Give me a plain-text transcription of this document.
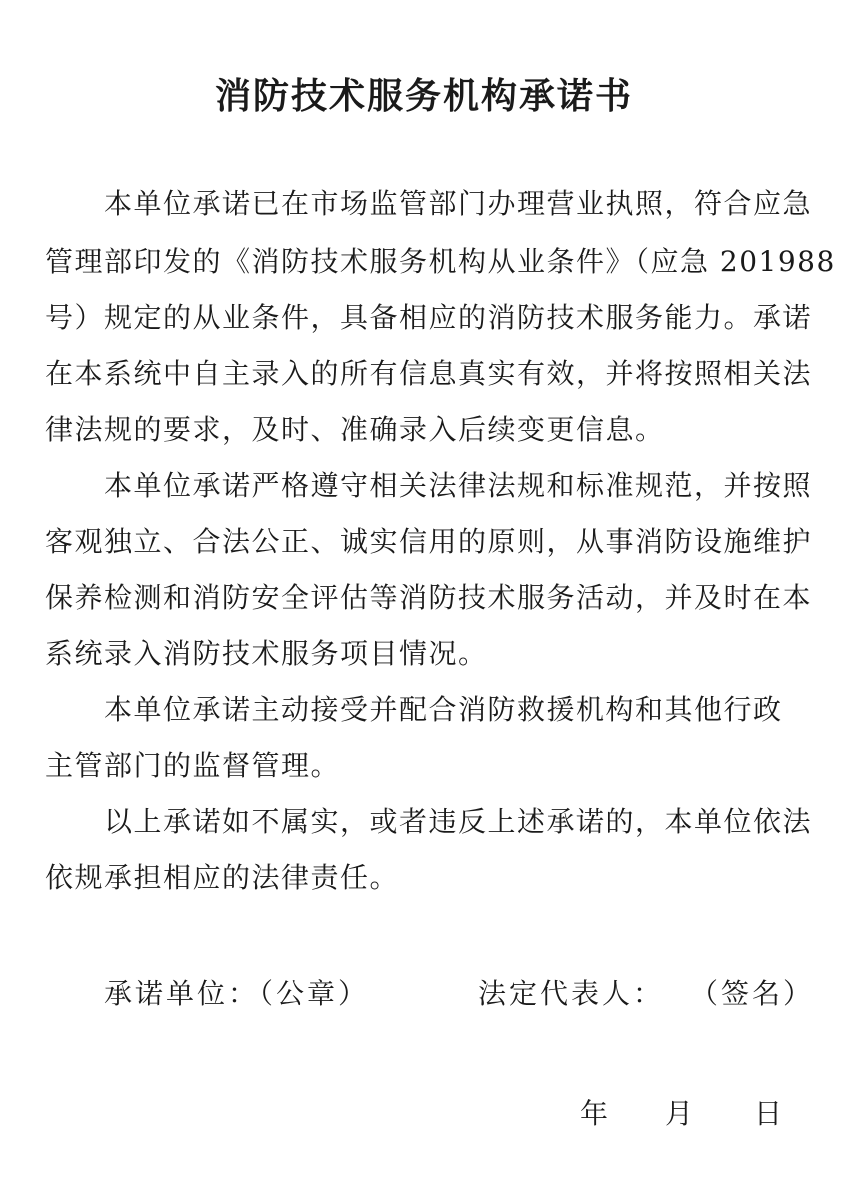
消防技术服务机构承诺书
本单位承诺已在市场监管部门办理营业执照，符合应急
管理部印发的《消防技术服务机构从业条件》（应急 201988
号）规定的从业条件，具备相应的消防技术服务能力。承诺
在本系统中自主录入的所有信息真实有效，并将按照相关法
律法规的要求，及时、准确录入后续变更信息。
本单位承诺严格遵守相关法律法规和标准规范，并按照
客观独立、合法公正、诚实信用的原则，从事消防设施维护
保养检测和消防安全评估等消防技术服务活动，并及时在本
系统录入消防技术服务项目情况。
本单位承诺主动接受并配合消防救援机构和其他行政
主管部门的监督管理。
以上承诺如不属实，或者违反上述承诺的，本单位依法
依规承担相应的法律责任。
承诺单位：（公章）	法定代表人： （签名）
年 月 日
